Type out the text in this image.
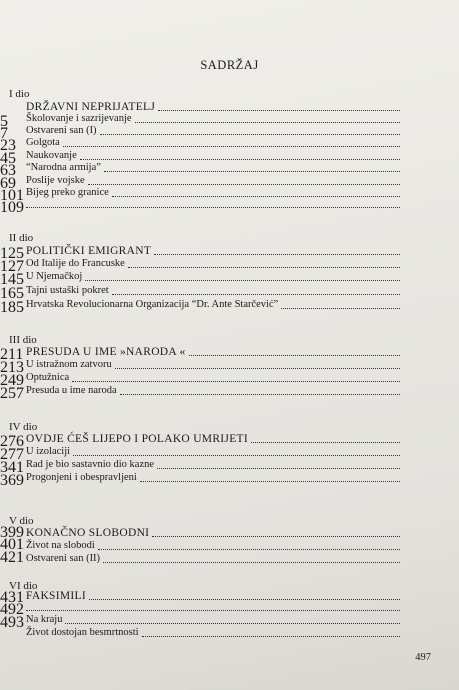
SADRŽAJ
I dio
DRŽAVNI NEPRIJATELJ
Školovanje i sazrijevanje
5
Ostvareni san (I)
7
Golgota
23
Naukovanje
45
“Narodna armija”
63
Poslije vojske
69
Bijeg preko granice
101
109
II dio
POLITIČKI EMIGRANT
125
Od Italije do Francuske
127
U Njemačkoj
145
Tajni ustaški pokret
165
Hrvatska Revolucionarna Organizacija “Dr. Ante Starčević”
185
III dio
PRESUDA U IME »NARODA «
211
U istražnom zatvoru
213
Optužnica
249
Presuda u ime naroda
257
IV dio
OVDJE ĆEŠ LIJEPO I POLAKO UMRIJETI
276
U izolaciji
277
Rad je bio sastavnio dio kazne
341
Progonjeni i obespravljeni
369
V dio
KONAČNO SLOBODNI
399
Život na slobodi
401
Ostvareni san (II)
421
VI dio
FAKSIMILI
431
492
Na kraju
493
Život dostojan besmrtnosti
497
